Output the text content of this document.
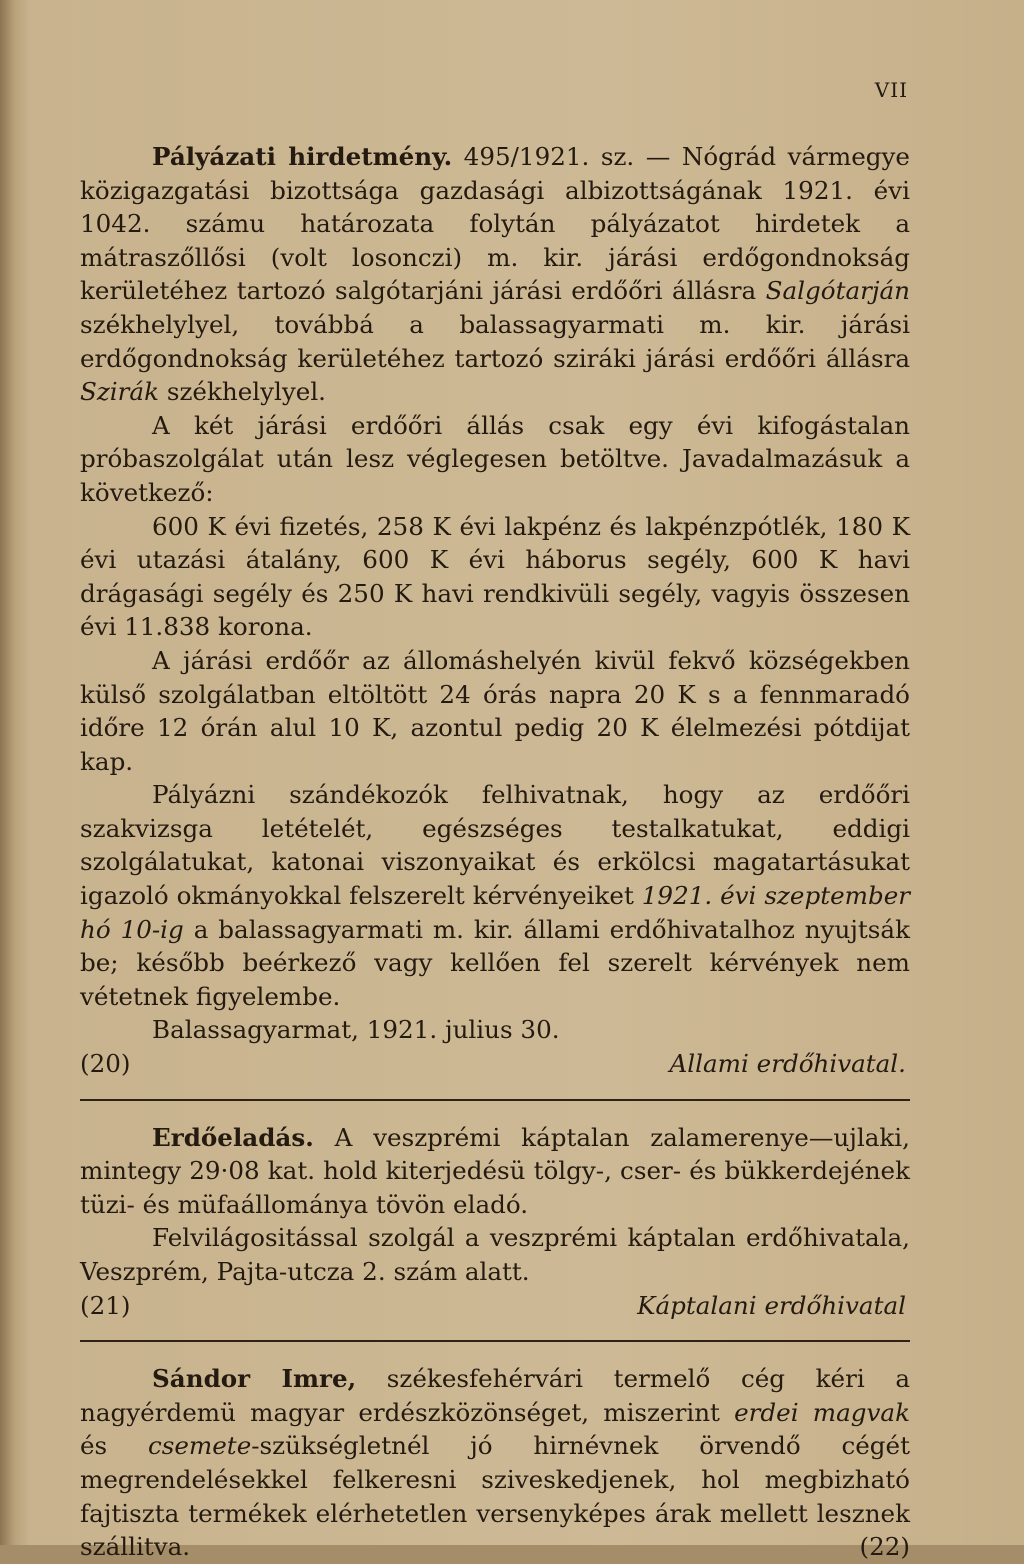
VII

Pályázati hirdetmény. 495/1921. sz. — Nógrád vármegye közigazgatási bizottsága gazdasági albizottságának 1921. évi 1042. számu határozata folytán pályázatot hirdetek a mátraszőllősi (volt losonczi) m. kir. járási erdőgondnokság kerületéhez tartozó salgótarjáni járási erdőőri állásra Salgótarján székhelylyel, továbbá a balassagyarmati m. kir. járási erdőgondnokság kerületéhez tartozó sziráki járási erdőőri állásra Szirák székhelylyel.

A két járási erdőőri állás csak egy évi kifogástalan próbaszolgálat után lesz véglegesen betöltve. Javadalmazásuk a következő:

600 K évi fizetés, 258 K évi lakpénz és lakpénzpótlék, 180 K évi utazási átalány, 600 K évi háborus segély, 600 K havi drágasági segély és 250 K havi rendkivüli segély, vagyis összesen évi 11.838 korona.

A járási erdőőr az állomáshelyén kivül fekvő községekben külső szolgálatban eltöltött 24 órás napra 20 K s a fennmaradó időre 12 órán alul 10 K, azontul pedig 20 K élelmezési pótdijat kap.

Pályázni szándékozók felhivatnak, hogy az erdőőri szakvizsga letételét, egészséges testalkatukat, eddigi szolgálatukat, katonai viszonyaikat és erkölcsi magatartásukat igazoló okmányokkal felszerelt kérvényeiket 1921. évi szeptember hó 10-ig a balassagyarmati m. kir. állami erdőhivatalhoz nyujtsák be; később beérkező vagy kellően fel szerelt kérvények nem vétetnek figyelembe.

Balassagyarmat, 1921. julius 30.

(20)	Allami erdőhivatal.

Erdőeladás. A veszprémi káptalan zalamerenye—ujlaki, mintegy 29·08 kat. hold kiterjedésü tölgy-, cser- és bükkerdejének tüzi- és müfaállománya tövön eladó.

Felvilágositással szolgál a veszprémi káptalan erdőhivatala, Veszprém, Pajta-utcza 2. szám alatt.

(21)	Káptalani erdőhivatal

Sándor Imre, székesfehérvári termelő cég kéri a nagyérdemü magyar erdészközönséget, miszerint erdei magvak és csemete-szükségletnél jó hirnévnek örvendő cégét megrendelésekkel felkeresni sziveskedjenek, hol megbizható fajtiszta termékek elérhetetlen versenyképes árak mellett lesznek szállitva.	(22)
